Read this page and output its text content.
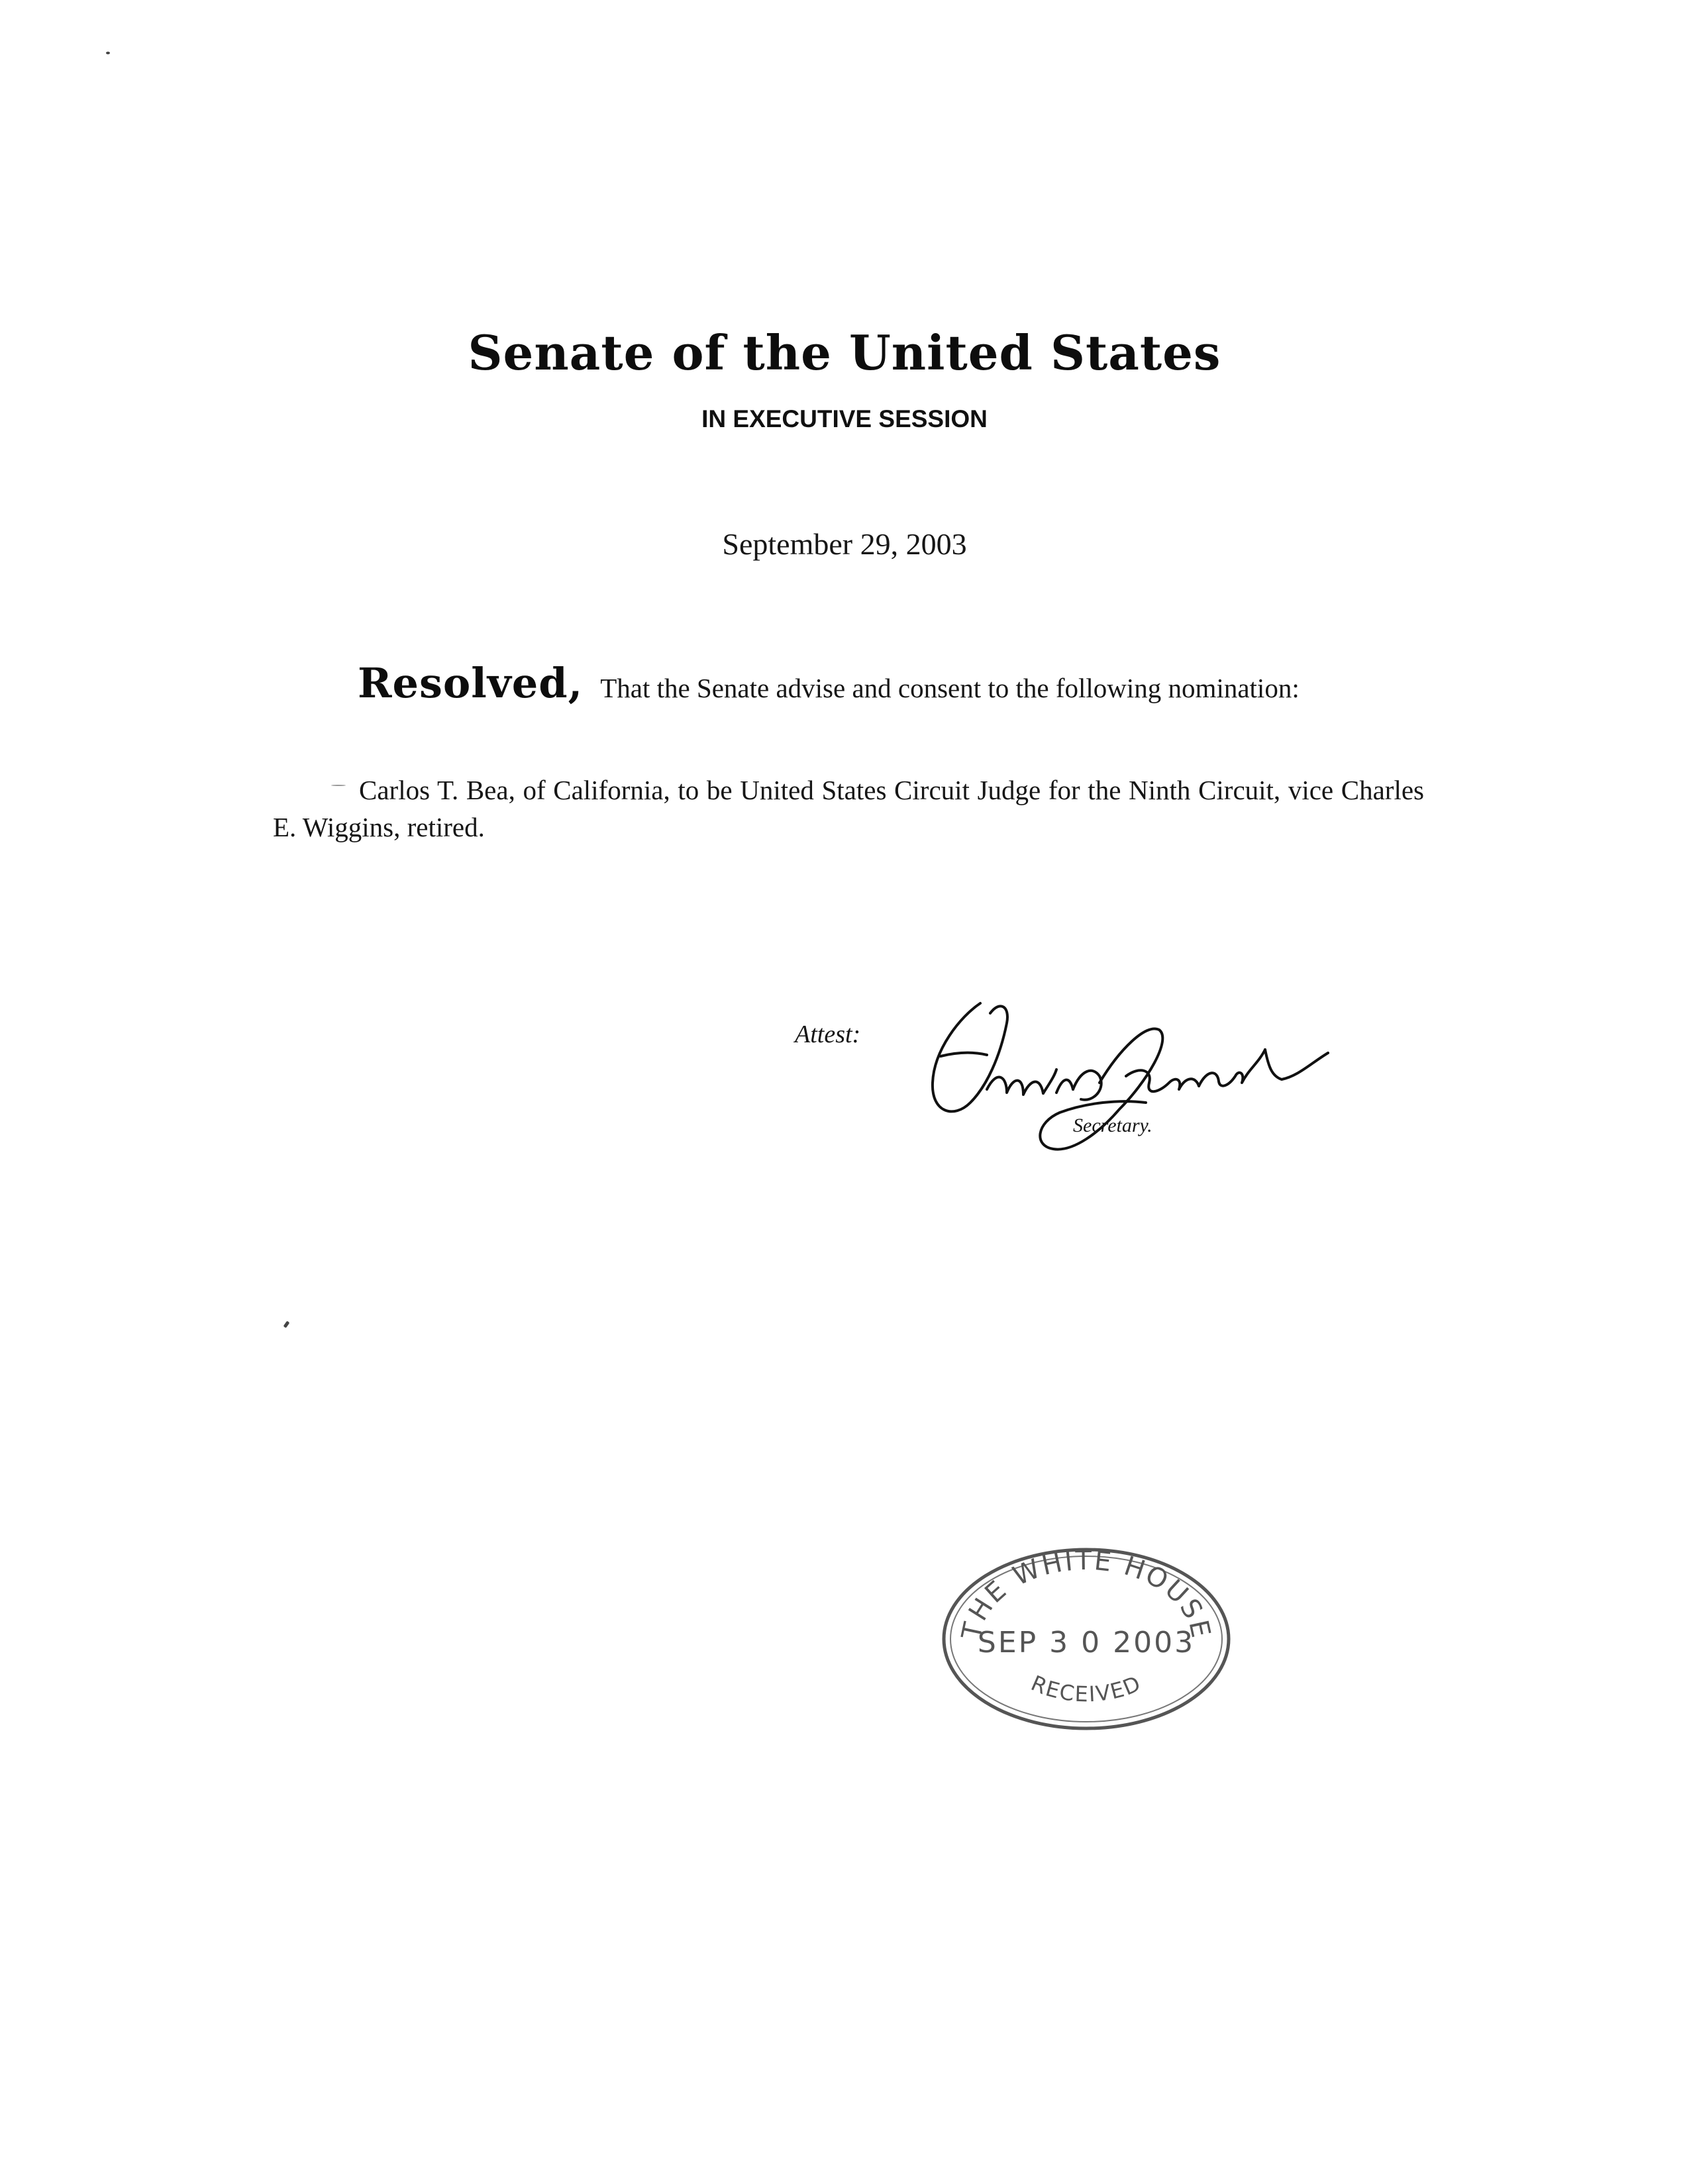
Senate of the United States
IN EXECUTIVE SESSION
September 29, 2003
Resolved, That the Senate advise and consent to the following nomination:
Carlos T. Bea, of California, to be United States Circuit Judge for the Ninth Circuit, vice Charles E. Wiggins, retired.
Attest:
Secretary.
THE WHITE HOUSE
SEP 3 0 2003
RECEIVED
